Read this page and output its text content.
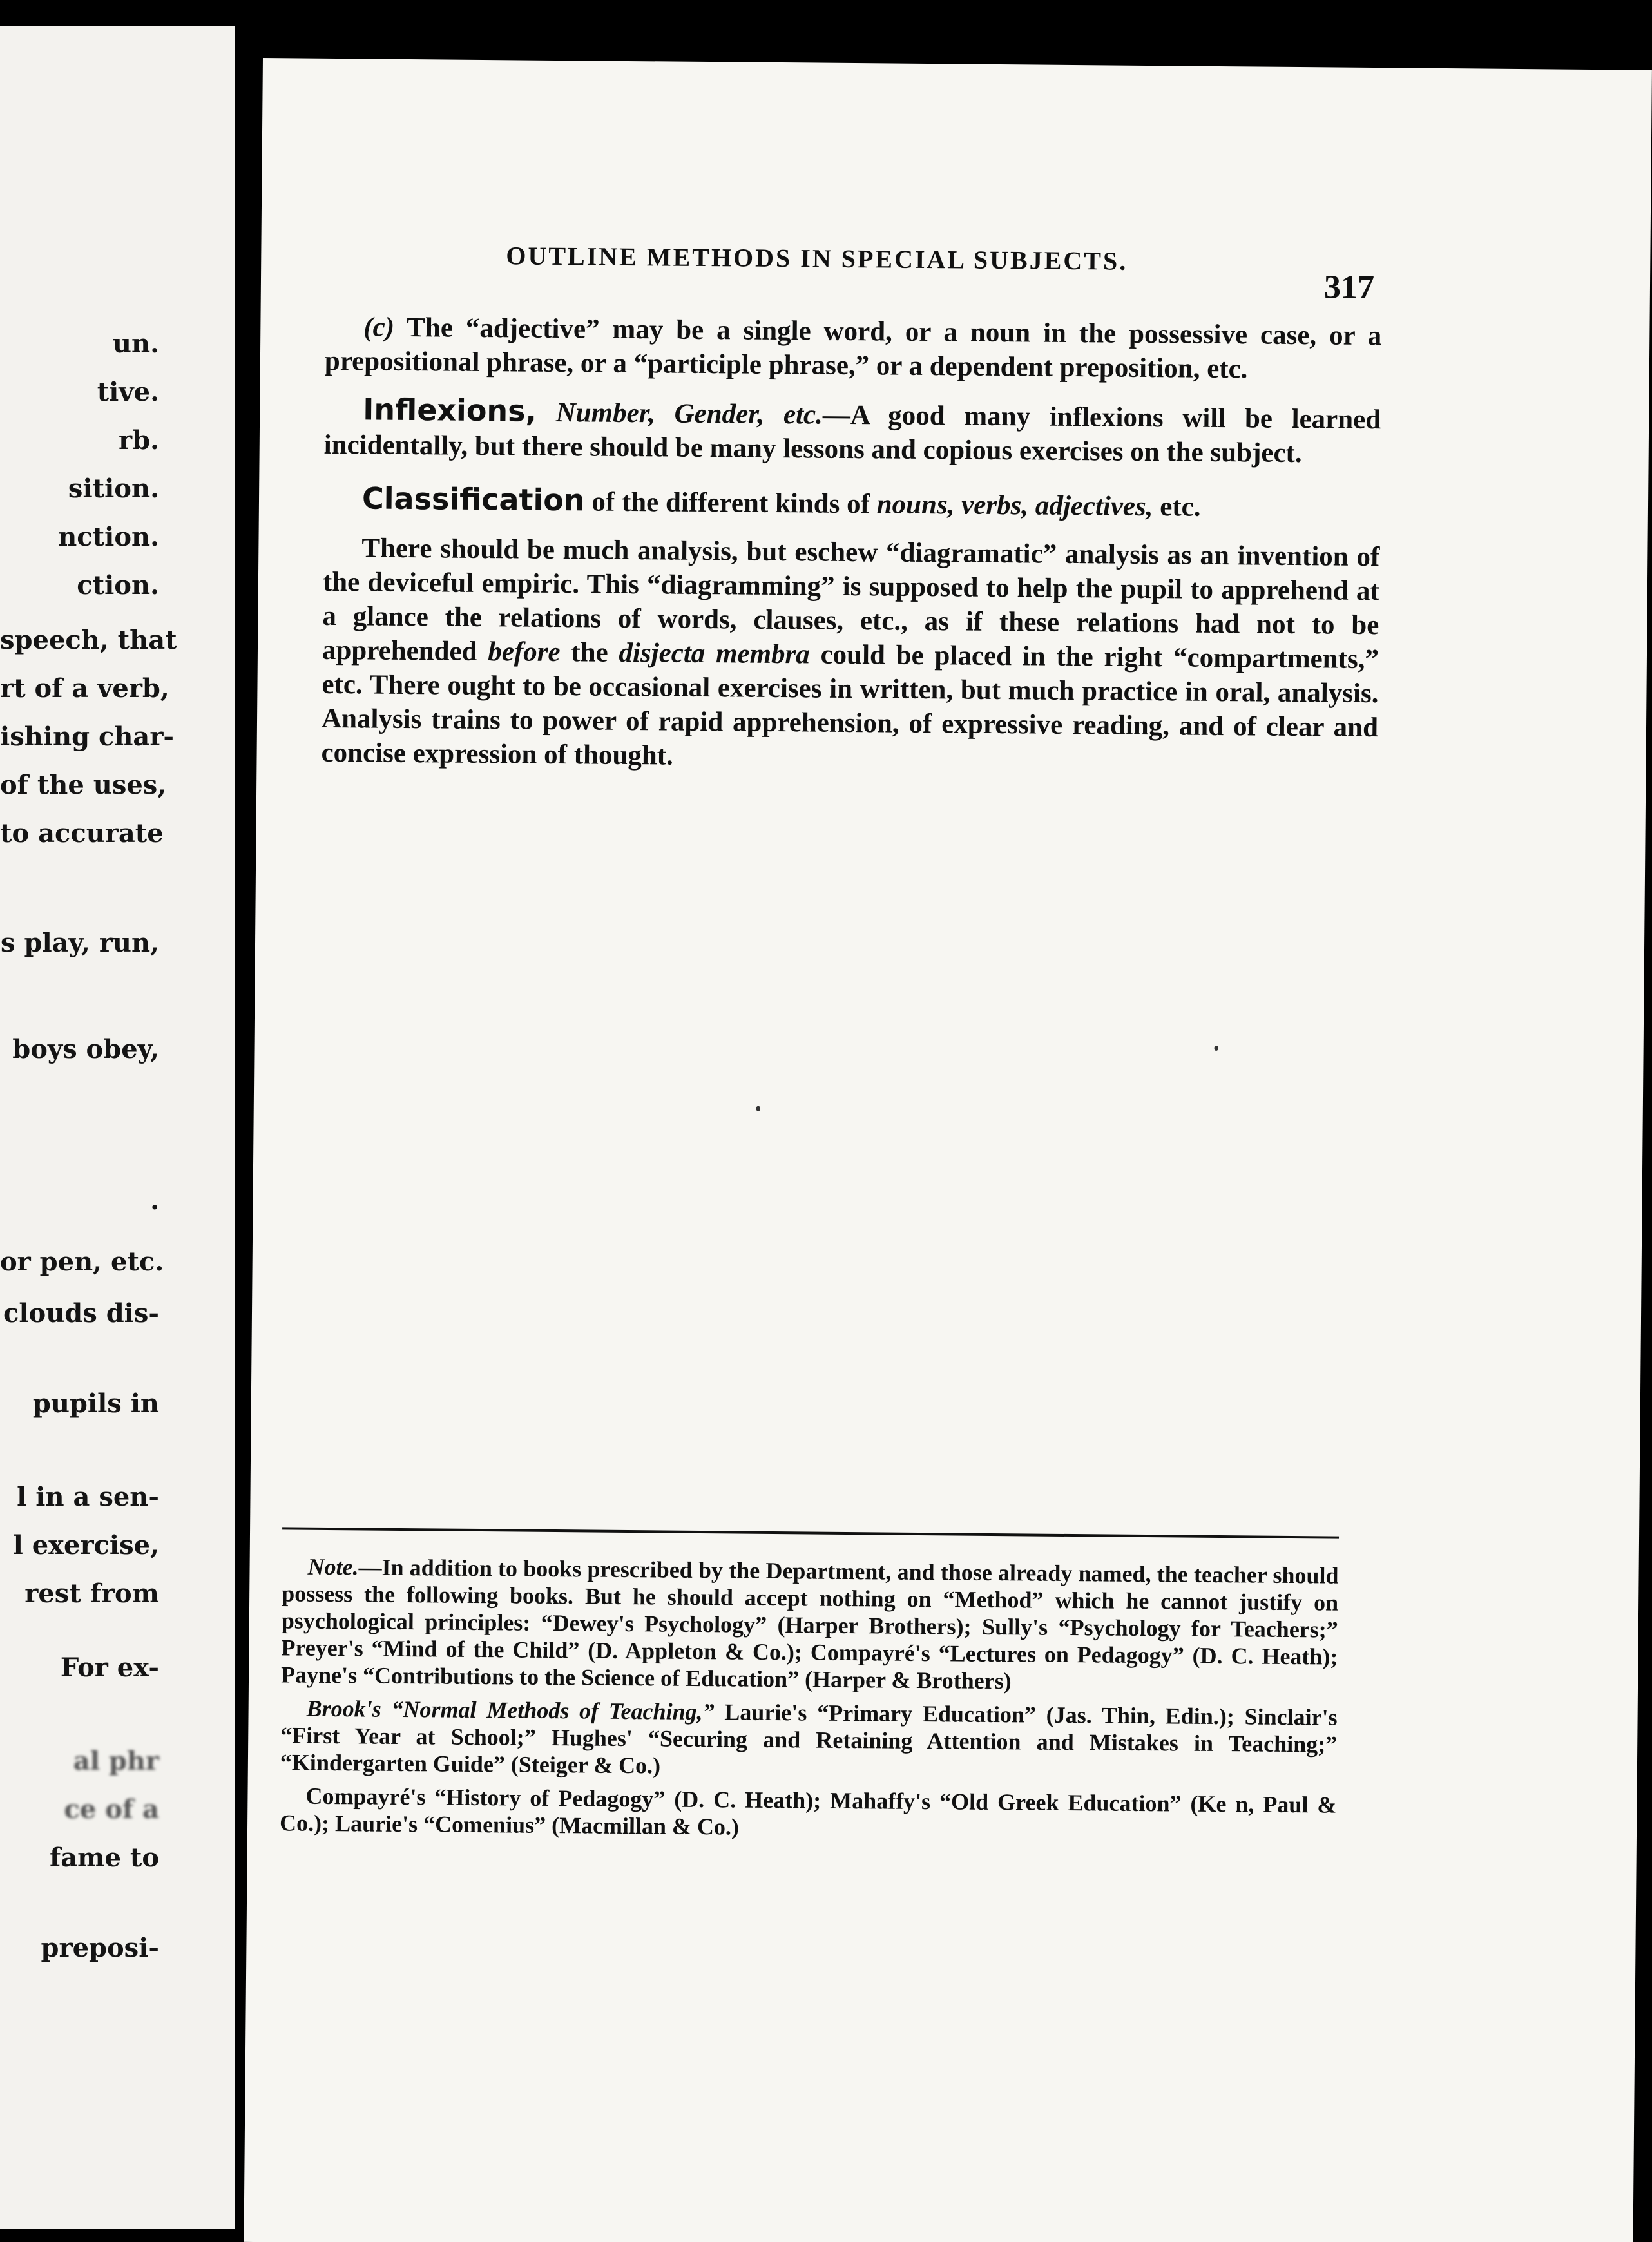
un.
tive.
rb.
sition.
nction.
ction.
speech, that
rt of a verb,
ishing char-
of the uses,
to accurate
s play, run,
boys obey,
.
or pen, etc.
clouds dis-
pupils in
l in a sen-
l exercise,
rest from
For ex-
al phr
ce of a
fame to
preposi-
OUTLINE METHODS IN SPECIAL SUBJECTS.
317

(c) The “adjective” may be a single word, or a noun in the possessive case, or a prepositional phrase, or a “participle phrase,” or a dependent preposition, etc.

Inflexions, Number, Gender, etc.—A good many inflexions will be learned incidentally, but there should be many lessons and copious exercises on the subject.

Classification of the different kinds of nouns, verbs, adjectives, etc.

There should be much analysis, but eschew “diagramatic” analysis as an invention of the deviceful empiric. This “diagramming” is supposed to help the pupil to apprehend at a glance the relations of words, clauses, etc., as if these relations had not to be apprehended before the disjecta membra could be placed in the right “compartments,” etc. There ought to be occasional exercises in written, but much practice in oral, analysis. Analysis trains to power of rapid apprehension, of expressive reading, and of clear and concise expression of thought.

Note.—In addition to books prescribed by the Department, and those already named, the teacher should possess the following books. But he should accept nothing on “Method” which he cannot justify on psychological principles: “Dewey's Psychology” (Harper Brothers); Sully's “Psychology for Teachers;” Preyer's “Mind of the Child” (D. Appleton & Co.); Compayré's “Lectures on Pedagogy” (D. C. Heath); Payne's “Contributions to the Science of Education” (Harper & Brothers)

Brook's “Normal Methods of Teaching,” Laurie's “Primary Education” (Jas. Thin, Edin.); Sinclair's “First Year at School;” Hughes' “Securing and Retaining Attention and Mistakes in Teaching;” “Kindergarten Guide” (Steiger & Co.)

Compayré's “History of Pedagogy” (D. C. Heath); Mahaffy's “Old Greek Education” (Ke n, Paul & Co.); Laurie's “Comenius” (Macmillan & Co.)
